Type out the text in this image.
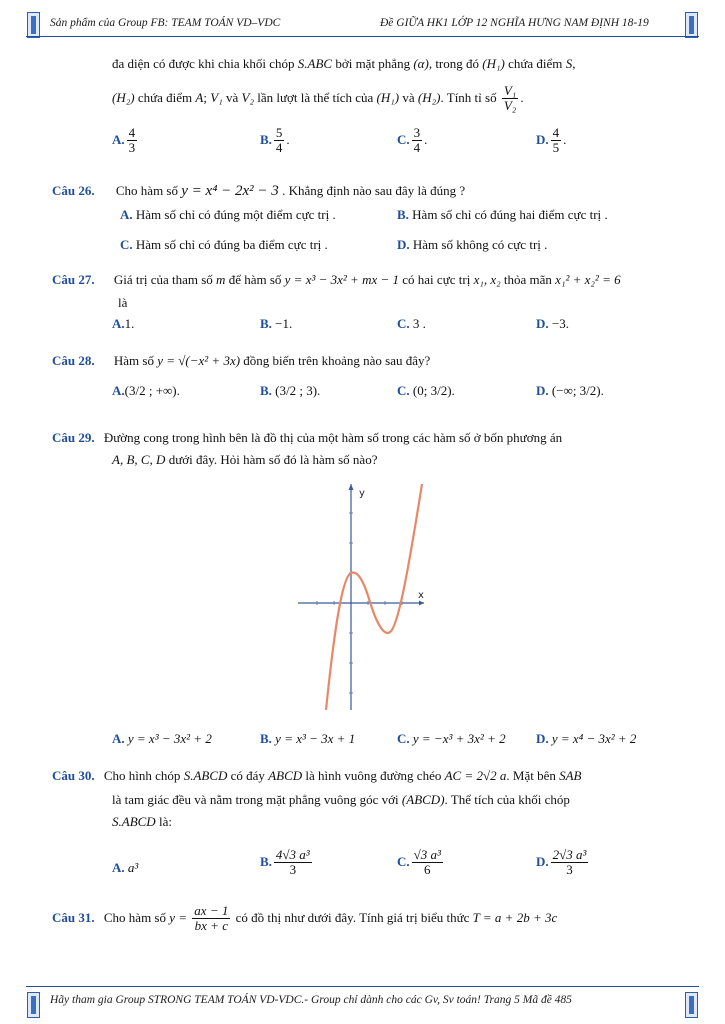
Sản phẩm của Group FB: TEAM TOÁN VD–VDC	Đề GIỮA HK1 LỚP 12 NGHĨA HƯNG NAM ĐỊNH 18-19
đa diện có được khi chia khối chóp S.ABC bởi mặt phẳng (α), trong đó (H₁) chứa điểm S,
(H₂) chứa điểm A; V₁ và V₂ lần lượt là thể tích của (H₁) và (H₂). Tính tỉ số $\frac{\text{V₁}}{\text{V₂}}$ .
A. $\frac{4}{3}$	B. $\frac{5}{4}$ .	C. $\frac{3}{4}$ .	D. $\frac{4}{5}$ .
Câu 26. Cho hàm số y = x⁴ − 2x² − 3 . Khẳng định nào sau đây là đúng ?
A. Hàm số chỉ có đúng một điểm cực trị .	B. Hàm số chỉ có đúng hai điểm cực trị .
C. Hàm số chỉ có đúng ba điểm cực trị .	D. Hàm số không có cực trị .
Câu 27. Giá trị của tham số m để hàm số y = x³ − 3x² + mx − 1 có hai cực trị x₁, x₂ thỏa mãn x₁² + x₂² = 6
là
A.1.	B. −1.	C. 3 .	D. −3.
Câu 28. Hàm số y = √(−x² + 3x) đồng biến trên khoảng nào sau đây?
A.(3/2 ; +∞).	B. (3/2 ; 3).	C. (0; 3/2).	D. (−∞; 3/2).
Câu 29. Đường cong trong hình bên là đồ thị của một hàm số trong các hàm số ở bốn phương án
A, B, C, D dưới đây. Hỏi hàm số đó là hàm số nào?
x
y
A. y = x³ − 3x² + 2	B. y = x³ − 3x + 1	C. y = −x³ + 3x² + 2 D. y = x⁴ − 3x² + 2
Câu 30. Cho hình chóp S.ABCD có đáy ABCD là hình vuông đường chéo AC = 2√2 a. Mặt bên SAB
là tam giác đều và nằm trong mặt phẳng vuông góc với (ABCD). Thể tích của khối chóp
S.ABCD là:
A. a³	B. $\frac{\text{4√3 a³}}{3}$	C. $\frac{\text{√3 a³}}{6}$	D. $\frac{\text{2√3 a³}}{3}$
Câu 31. Cho hàm số $y = \frac{ax - 1}{bx + c}$ có đồ thị như dưới đây. Tính giá trị biểu thức T = a + 2b + 3c
Hãy tham gia Group STRONG TEAM TOÁN VD-VDC.- Group chỉ dành cho các Gv, Sv toán! Trang 5 Mã đề 485
